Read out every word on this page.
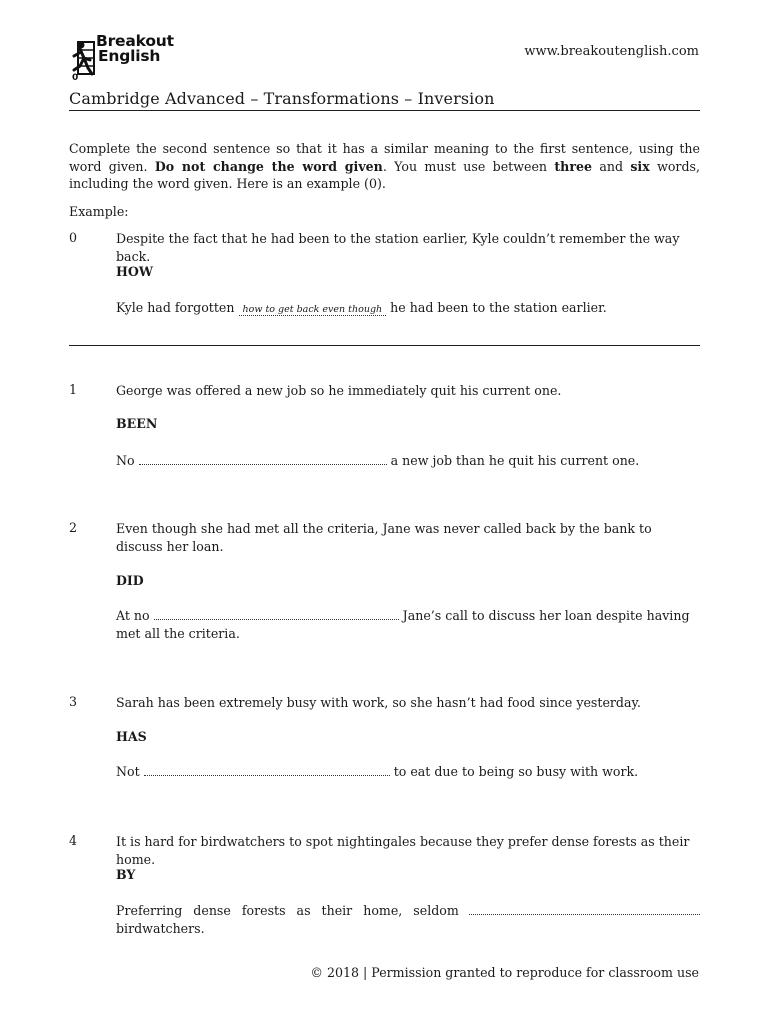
0
Breakout
English	www.breakoutenglish.com
Cambridge Advanced – Transformations – Inversion
Complete the second sentence so that it has a similar meaning to the first sentence, using the word given. Do not change the word given. You must use between three and six words, including the word given. Here is an example (0).
Example:
0	Despite the fact that he had been to the station earlier, Kyle couldn’t remember the way back.
HOW
Kyle had forgotten how to get back even though he had been to the station earlier.
1	George was offered a new job so he immediately quit his current one.
BEEN
No	a new job than he quit his current one.
2	Even though she had met all the criteria, Jane was never called back by the bank to discuss her loan.
DID
At no	Jane’s call to discuss her loan despite having met all the criteria.
3	Sarah has been extremely busy with work, so she hasn’t had food since yesterday.
HAS
Not	to eat due to being so busy with work.
4	It is hard for birdwatchers to spot nightingales because they prefer dense forests as their home.
BY
Preferring dense forests as their home, seldom
birdwatchers.
© 2018 | Permission granted to reproduce for classroom use
